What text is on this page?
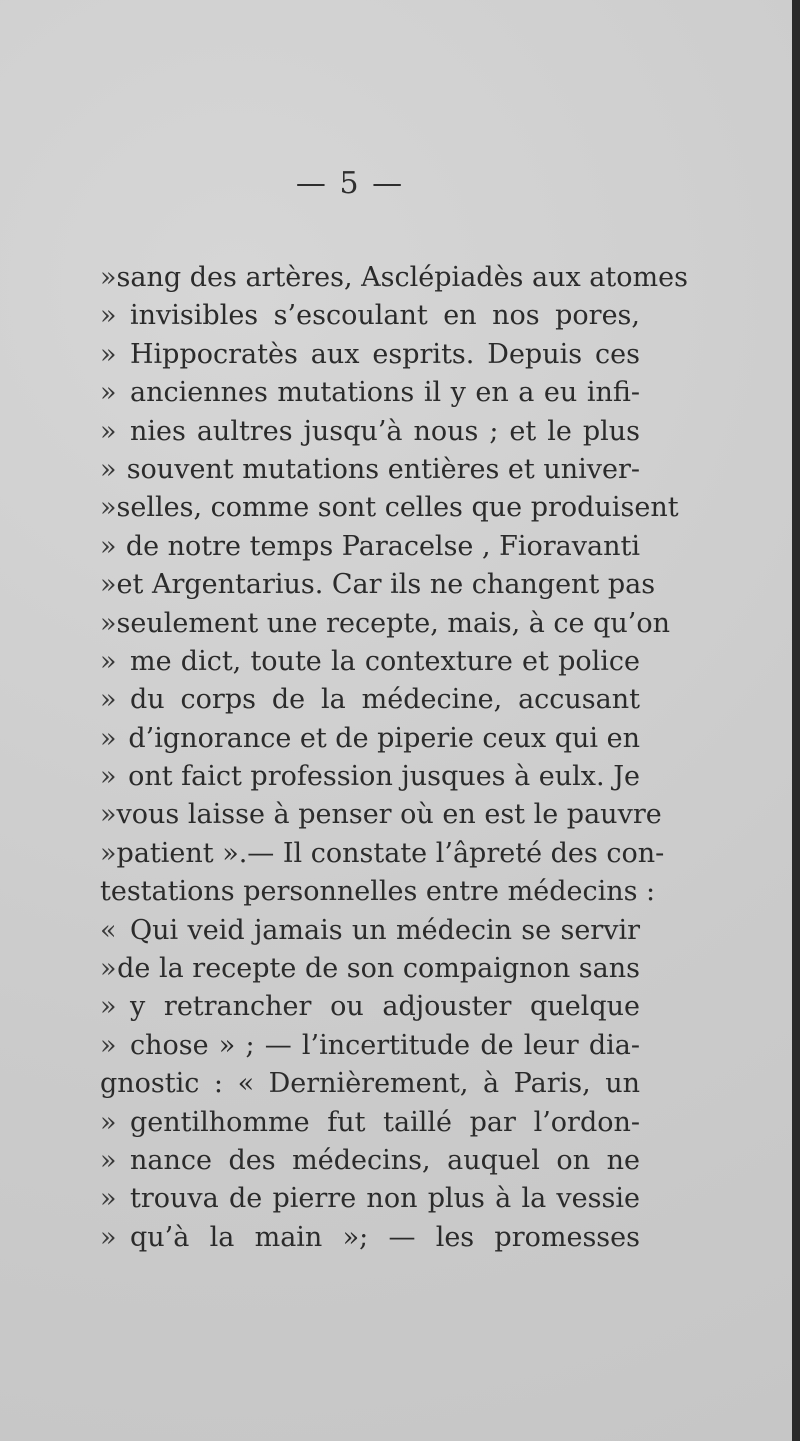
— 5 —
» sang des artères, Asclépiadès aux atomes
» invisibles s’escoulant en nos pores,
» Hippocratès aux esprits. Depuis ces
» anciennes mutations il y en a eu infi-
» nies aultres jusqu’à nous ; et le plus
» souvent mutations entières et univer-
» selles, comme sont celles que produisent
» de notre temps Paracelse , Fioravanti
» et Argentarius. Car ils ne changent pas
» seulement une recepte, mais, à ce qu’on
» me dict, toute la contexture et police
» du corps de la médecine, accusant
» d’ignorance et de piperie ceux qui en
» ont faict profession jusques à eulx. Je
» vous laisse à penser où en est le pauvre
» patient ».— Il constate l’âpreté des con-
testations personnelles entre médecins :
« Qui veid jamais un médecin se servir
» de la recepte de son compaignon sans
» y retrancher ou adjouster quelque
» chose » ; — l’incertitude de leur dia-
gnostic : « Dernièrement, à Paris, un
» gentilhomme fut taillé par l’ordon-
» nance des médecins, auquel on ne
» trouva de pierre non plus à la vessie
» qu’à la main »; — les promesses
